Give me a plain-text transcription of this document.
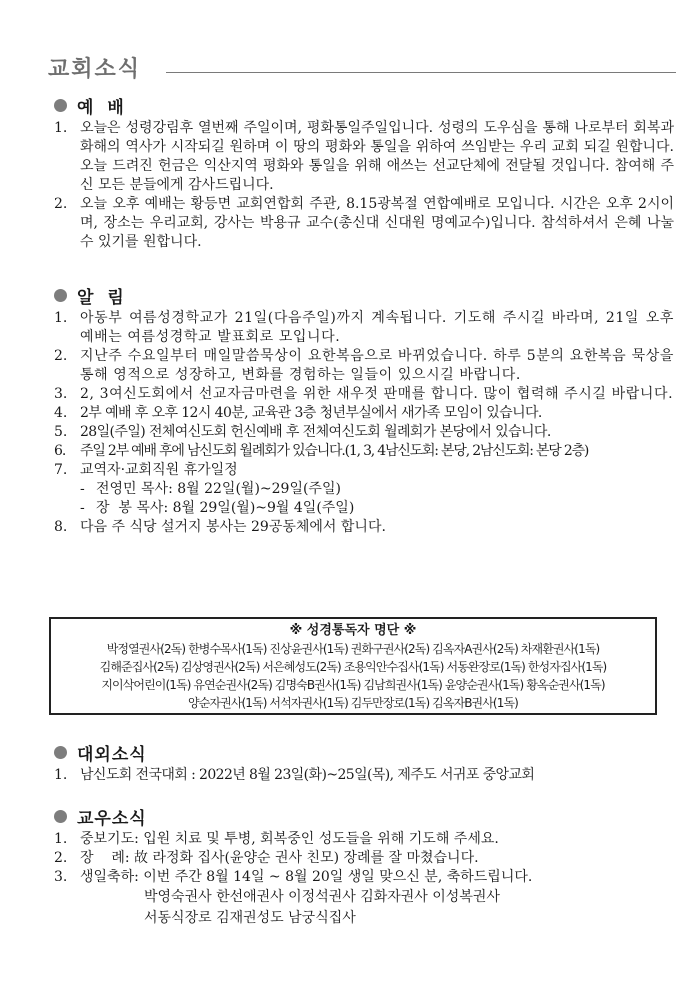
교회소식
예 배
1. 오늘은 성령강림후 열번째 주일이며, 평화통일주일입니다. 성령의 도우심을 통해 나로부터 회복과 화해의 역사가 시작되길 원하며 이 땅의 평화와 통일을 위하여 쓰임받는 우리 교회 되길 원합니다. 오늘 드려진 헌금은 익산지역 평화와 통일을 위해 애쓰는 선교단체에 전달될 것입니다. 참여해 주신 모든 분들에게 감사드립니다.
2. 오늘 오후 예배는 황등면 교회연합회 주관, 8.15광복절 연합예배로 모입니다. 시간은 오후 2시이며, 장소는 우리교회, 강사는 박용규 교수(총신대 신대원 명예교수)입니다. 참석하셔서 은혜 나눌 수 있기를 원합니다.
알 림
1. 아동부 여름성경학교가 21일(다음주일)까지 계속됩니다. 기도해 주시길 바라며, 21일 오후예배는 여름성경학교 발표회로 모입니다.
2. 지난주 수요일부터 매일말씀묵상이 요한복음으로 바뀌었습니다. 하루 5분의 요한복음 묵상을 통해 영적으로 성장하고, 변화를 경험하는 일들이 있으시길 바랍니다.
3. 2, 3여신도회에서 선교자금마련을 위한 새우젓 판매를 합니다. 많이 협력해 주시길 바랍니다.
4. 2부 예배 후 오후 12시 40분, 교육관 3층 청년부실에서 새가족 모임이 있습니다.
5. 28일(주일) 전체여신도회 헌신예배 후 전체여신도회 월례회가 본당에서 있습니다.
6.	주일 2부 예배 후에 남신도회 월례회가 있습니다.(1, 3, 4남신도회: 본당, 2남신도회: 본당 2층)
7. 교역자·교회직원 휴가일정
- 전영민 목사: 8월 22일(월)~29일(주일)
- 장  봉 목사: 8월 29일(월)~9월 4일(주일)
8. 다음 주 식당 설거지 봉사는 29공동체에서 합니다.
※ 성경통독자 명단 ※
박정열권사(2독) 한병수목사(1독) 진상윤권사(1독) 권화구권사(2독) 김옥자A권사(2독) 차재환권사(1독)
김해준집사(2독) 김상영권사(2독) 서은혜성도(2독) 조용익안수집사(1독) 서동완장로(1독) 한성자집사(1독)
지이삭어린이(1독) 유연순권사(2독) 김명숙B권사(1독) 김남희권사(1독) 윤양순권사(1독) 황옥순권사(1독)
양순자권사(1독) 서석자권사(1독) 김두만장로(1독) 김옥자B권사(1독)
대외소식
1. 남신도회 전국대회 : 2022년 8월 23일(화)~25일(목), 제주도 서귀포 중앙교회
교우소식
1. 중보기도: 입원 치료 및 투병, 회복중인 성도들을 위해 기도해 주세요.
2. 장    례: 故 라정화 집사(윤양순 권사 친모) 장례를 잘 마쳤습니다.
3. 생일축하: 이번 주간 8월 14일 ~ 8월 20일 생일 맞으신 분, 축하드립니다.
박영숙권사 한선애권사 이정석권사 김화자권사 이성복권사
서동식장로 김재권성도 남궁식집사
